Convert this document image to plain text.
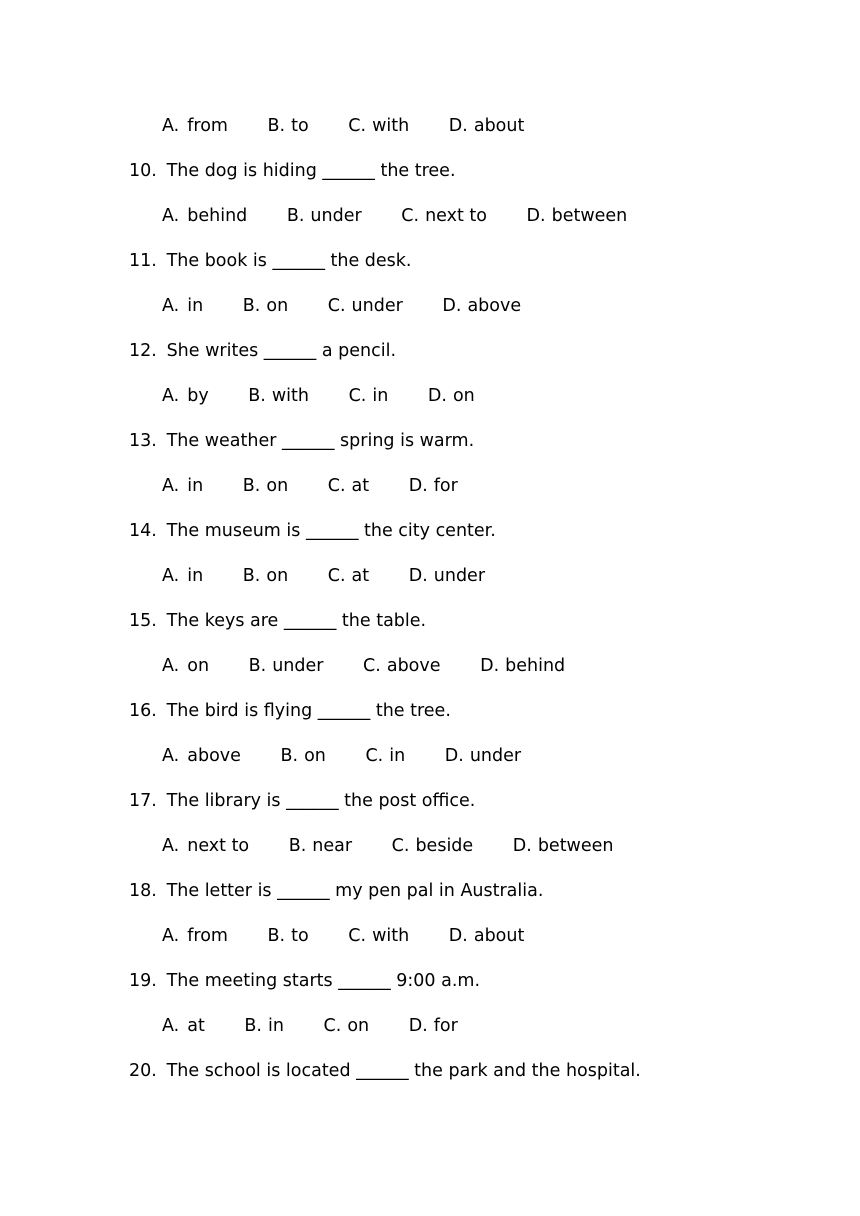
A. from B. to C. with D. about
10. The dog is hiding ______ the tree.
A. behind B. under C. next to D. between
11. The book is ______ the desk.
A. in B. on C. under D. above
12. She writes ______ a pencil.
A. by B. with C. in D. on
13. The weather ______ spring is warm.
A. in B. on C. at D. for
14. The museum is ______ the city center.
A. in B. on C. at D. under
15. The keys are ______ the table.
A. on B. under C. above D. behind
16. The bird is flying ______ the tree.
A. above B. on C. in D. under
17. The library is ______ the post office.
A. next to B. near C. beside D. between
18. The letter is ______ my pen pal in Australia.
A. from B. to C. with D. about
19. The meeting starts ______ 9:00 a.m.
A. at B. in C. on D. for
20. The school is located ______ the park and the hospital.
